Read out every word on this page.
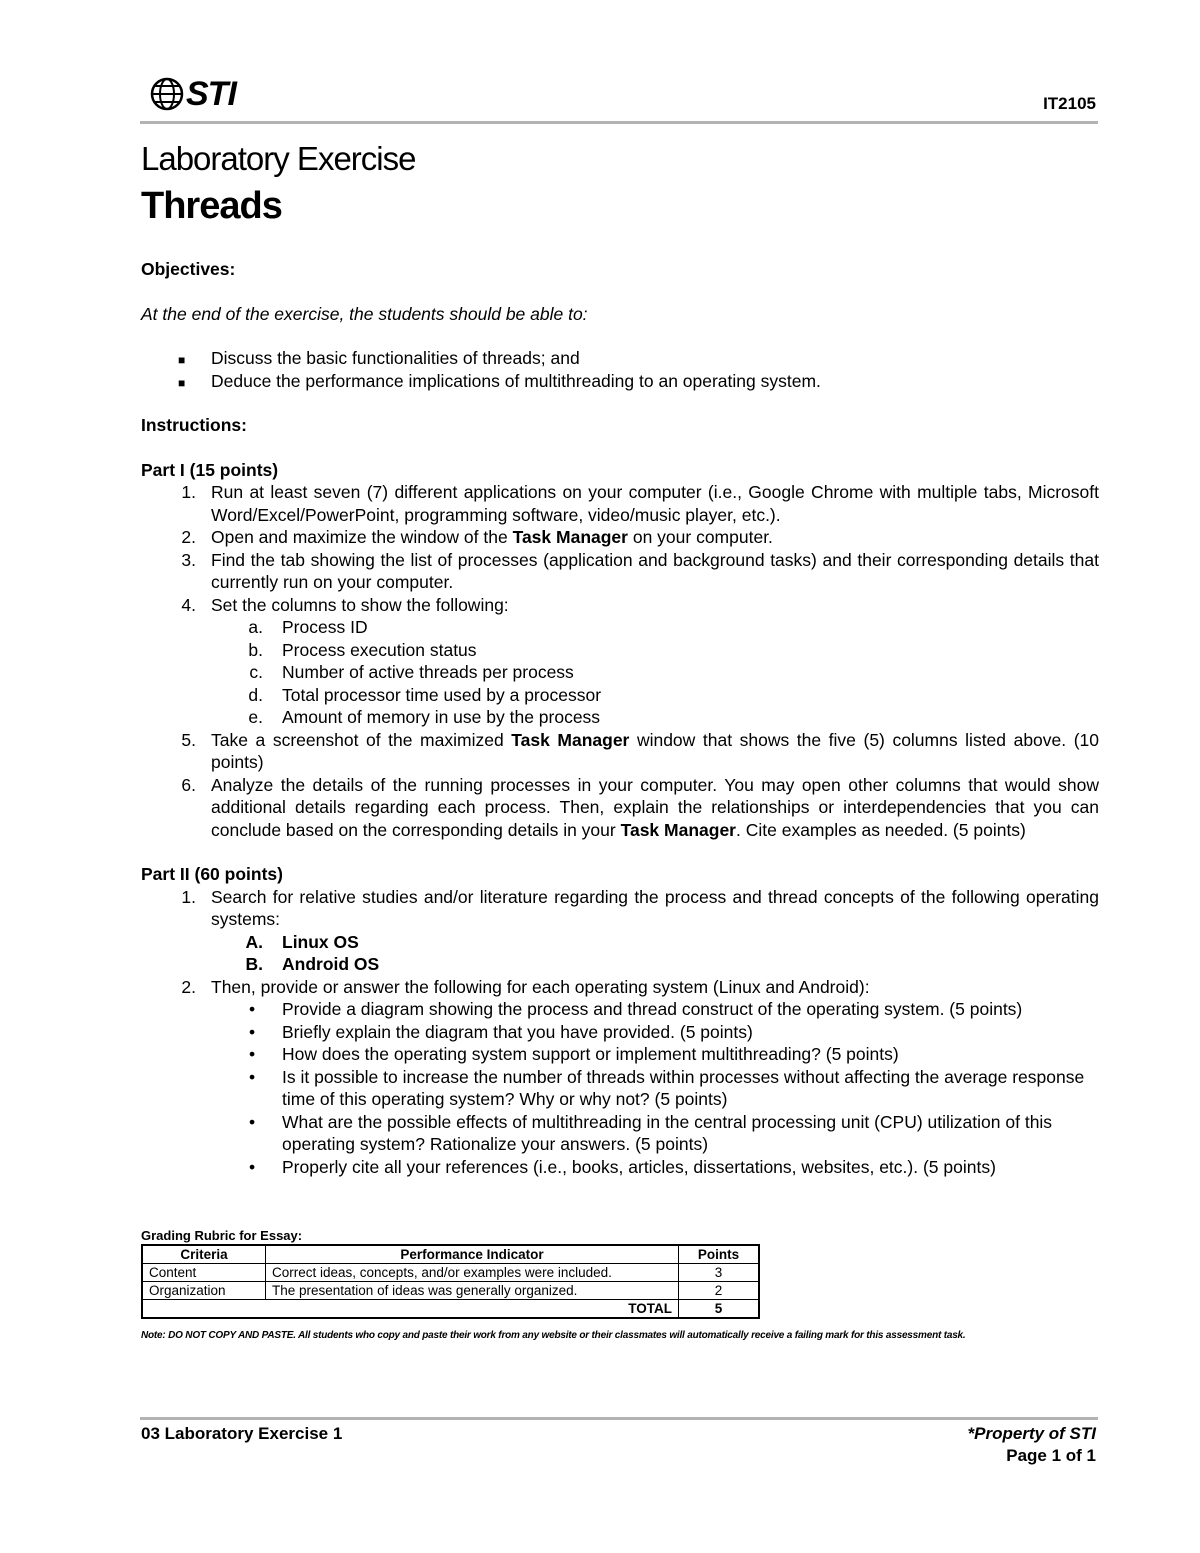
STI	IT2105
Laboratory Exercise
Threads

Objectives:

At the end of the exercise, the students should be able to:

■ Discuss the basic functionalities of threads; and
■ Deduce the performance implications of multithreading to an operating system.

Instructions:

Part I (15 points)

1. Run at least seven (7) different applications on your computer (i.e., Google Chrome with multiple tabs, Microsoft Word/Excel/PowerPoint, programming software, video/music player, etc.).
2. Open and maximize the window of the Task Manager on your computer.
3. Find the tab showing the list of processes (application and background tasks) and their corresponding details that currently run on your computer.
4. Set the columns to show the following:
a. Process ID
b. Process execution status
c. Number of active threads per process
d. Total processor time used by a processor
e. Amount of memory in use by the process
5. Take a screenshot of the maximized Task Manager window that shows the five (5) columns listed above. (10 points)
6. Analyze the details of the running processes in your computer. You may open other columns that would show additional details regarding each process. Then, explain the relationships or interdependencies that you can conclude based on the corresponding details in your Task Manager. Cite examples as needed. (5 points)

Part II (60 points)

1. Search for relative studies and/or literature regarding the process and thread concepts of the following operating systems:
A. Linux OS
B. Android OS
2. Then, provide or answer the following for each operating system (Linux and Android):
• Provide a diagram showing the process and thread construct of the operating system. (5 points)
• Briefly explain the diagram that you have provided. (5 points)
• How does the operating system support or implement multithreading? (5 points)
• Is it possible to increase the number of threads within processes without affecting the average response time of this operating system? Why or why not? (5 points)
• What are the possible effects of multithreading in the central processing unit (CPU) utilization of this operating system? Rationalize your answers. (5 points)
• Properly cite all your references (i.e., books, articles, dissertations, websites, etc.). (5 points)
Grading Rubric for Essay:
Criteria	Performance Indicator	Points
Content	Correct ideas, concepts, and/or examples were included.	3
Organization	The presentation of ideas was generally organized.	2
TOTAL		5
Note: DO NOT COPY AND PASTE. All students who copy and paste their work from any website or their classmates will automatically receive a failing mark for this assessment task.
03 Laboratory Exercise 1	*Property of STI
Page 1 of 1
